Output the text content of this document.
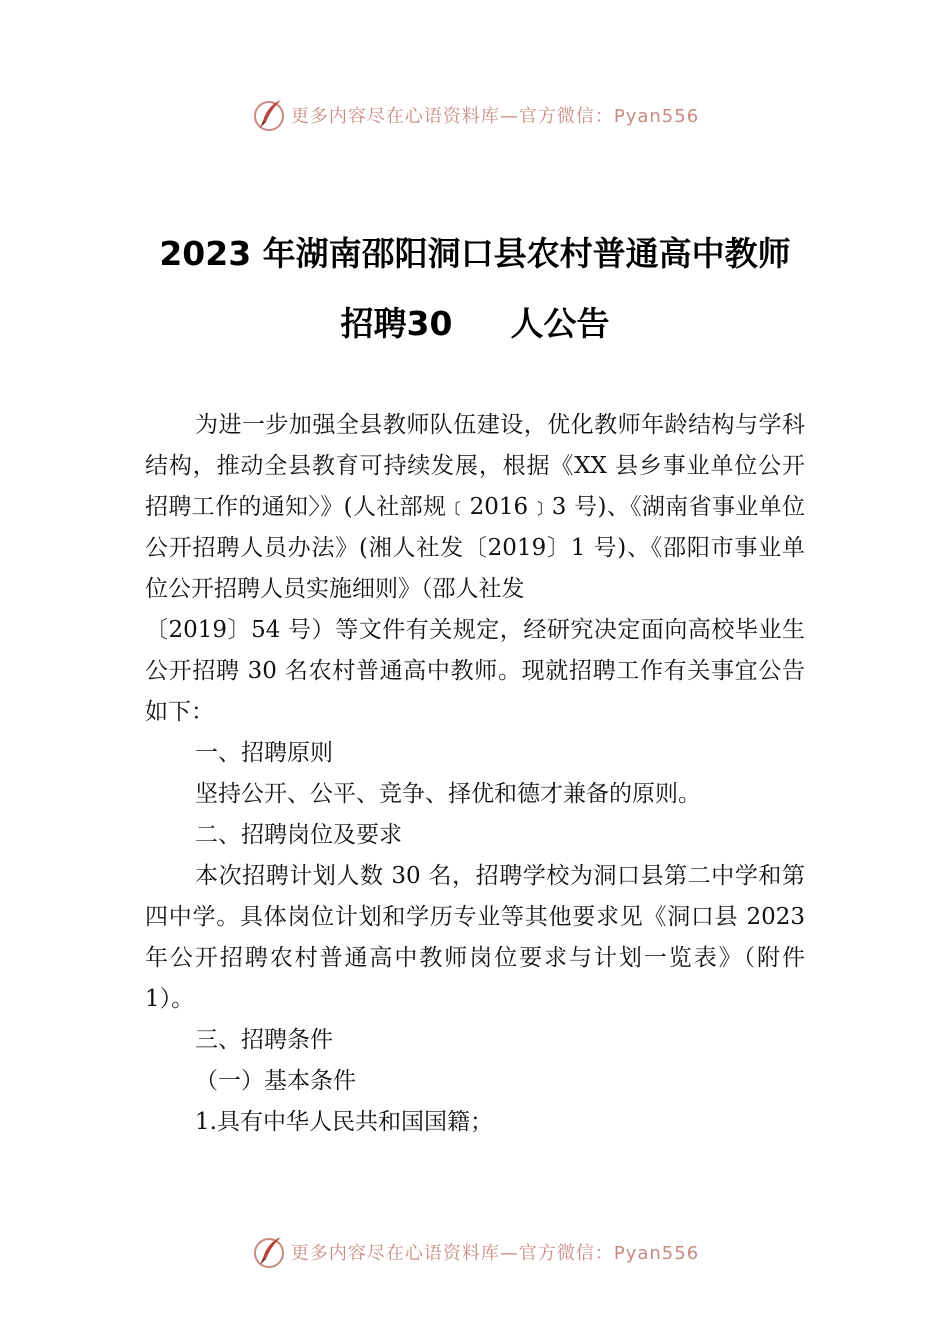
更多内容尽在心语资料库—官方微信：Pyan556
2023 年湖南邵阳洞口县农村普通高中教师
招聘30 人公告

为进一步加强全县教师队伍建设，优化教师年龄结构与学科结构，推动全县教育可持续发展，根据《XX 县乡事业单位公开招聘工作的通知〉》(人社部规﹝2016﹞3 号)、《湖南省事业单位公开招聘人员办法》(湘人社发〔2019〕1 号)、《邵阳市事业单位公开招聘人员实施细则》（邵人社发

〔2019〕54 号）等文件有关规定，经研究决定面向高校毕业生公开招聘 30 名农村普通高中教师。现就招聘工作有关事宜公告如下：

一、招聘原则

坚持公开、公平、竞争、择优和德才兼备的原则。

二、招聘岗位及要求

本次招聘计划人数 30 名，招聘学校为洞口县第二中学和第四中学。具体岗位计划和学历专业等其他要求见《洞口县 2023 年公开招聘农村普通高中教师岗位要求与计划一览表》（附件 1）。

三、招聘条件

（一）基本条件

1.具有中华人民共和国国籍；

更多内容尽在心语资料库—官方微信：Pyan556
